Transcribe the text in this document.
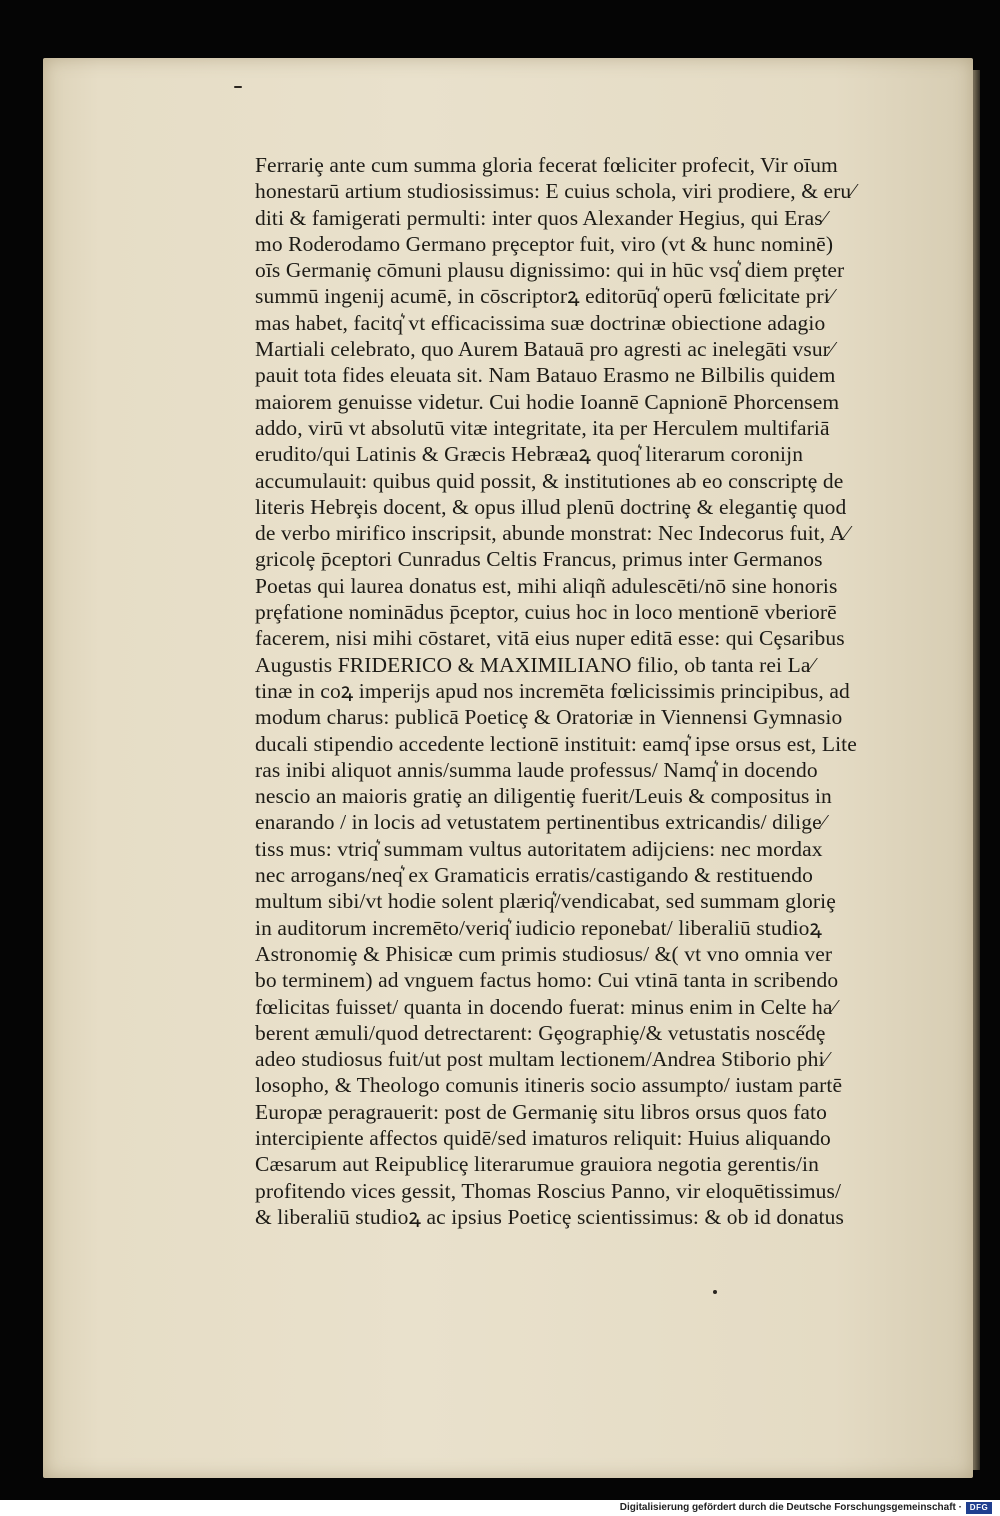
Ferrariȩ ante cum summa gloria fecerat fœliciter profecit, Vir oīum
honestarū artium studiosissimus: E cuius schola, viri prodiere, & eru⁄
diti & famigerati permulti: inter quos Alexander Hegius, qui Eras⁄
mo Roderodamo Germano prȩceptor fuit, viro (vt & hunc nominē)
oīs Germaniȩ cōmuni plausu dignissimo: qui in hūc vsq͛ diem prȩter
summū ingenij acumē, in cōscriptorꝝ editorūq͛ operū fœlicitate pri⁄
mas habet, facitq͛ vt efficacissima suæ doctrinæ obiectione adagio
Martiali celebrato, quo Aurem Batauā pro agresti ac inelegāti vsur⁄
pauit tota fides eleuata sit. Nam Batauo Erasmo ne Bilbilis quidem
maiorem genuisse videtur. Cui hodie Ioannē Capnionē Phorcensem
addo, virū vt absolutū vitæ integritate, ita per Herculem multifariā
erudito/qui Latinis & Græcis Hebræaꝝ quoq͛ literarum coronijn
accumulauit: quibus quid possit, & institutiones ab eo conscriptȩ de
literis Hebrȩis docent, & opus illud plenū doctrinȩ & elegantiȩ quod
de verbo mirifico inscripsit, abunde monstrat: Nec Indecorus fuit, A⁄
gricolȩ p̄ceptori Cunradus Celtis Francus, primus inter Germanos
Poetas qui laurea donatus est, mihi aliqñ adulescēti/nō sine honoris
prȩfatione nominādus p̄ceptor, cuius hoc in loco mentionē vberiorē
facerem, nisi mihi cōstaret, vitā eius nuper editā esse: qui Cȩsaribus
Augustis FRIDERICO & MAXIMILIANO filio, ob tanta rei La⁄
tinæ in coꝝ imperijs apud nos incremēta fœlicissimis principibus, ad
modum charus: publicā Poeticȩ & Oratoriæ in Viennensi Gymnasio
ducali stipendio accedente lectionē instituit: eamq͛ ipse orsus est, Lite
ras inibi aliquot annis/summa laude professus/ Namq͛ in docendo
nescio an maioris gratiȩ an diligentiȩ fuerit/Leuis & compositus in
enarando / in locis ad vetustatem pertinentibus extricandis/ dilige⁄
tiss mus: vtriq͛ summam vultus autoritatem adijciens: nec mordax
nec arrogans/neq͛ ex Gramaticis erratis/castigando & restituendo
multum sibi/vt hodie solent plæriq͛/vendicabat, sed summam gloriȩ
in auditorum incremēto/veriq͛ iudicio reponebat/ liberaliū studioꝝ
Astronomiȩ & Phisicæ cum primis studiosus/ &( vt vno omnia ver
bo terminem) ad vnguem factus homo: Cui vtinā tanta in scribendo
fœlicitas fuisset/ quanta in docendo fuerat: minus enim in Celte ha⁄
berent æmuli/quod detrectarent: Gȩographiȩ/& vetustatis nosce̋dȩ
adeo studiosus fuit/ut post multam lectionem/Andrea Stiborio phi⁄
losopho, & Theologo comunis itineris socio assumpto/ iustam partē
Europæ peragrauerit: post de Germaniȩ situ libros orsus quos fato
intercipiente affectos quidē/sed imaturos reliquit: Huius aliquando
Cæsarum aut Reipublicȩ literarumue grauiora negotia gerentis/in
profitendo vices gessit, Thomas Roscius Panno, vir eloquētissimus/
& liberaliū studioꝝ ac ipsius Poeticȩ scientissimus: & ob id donatus
Digitalisierung gefördert durch die Deutsche Forschungsgemeinschaft · DFG
